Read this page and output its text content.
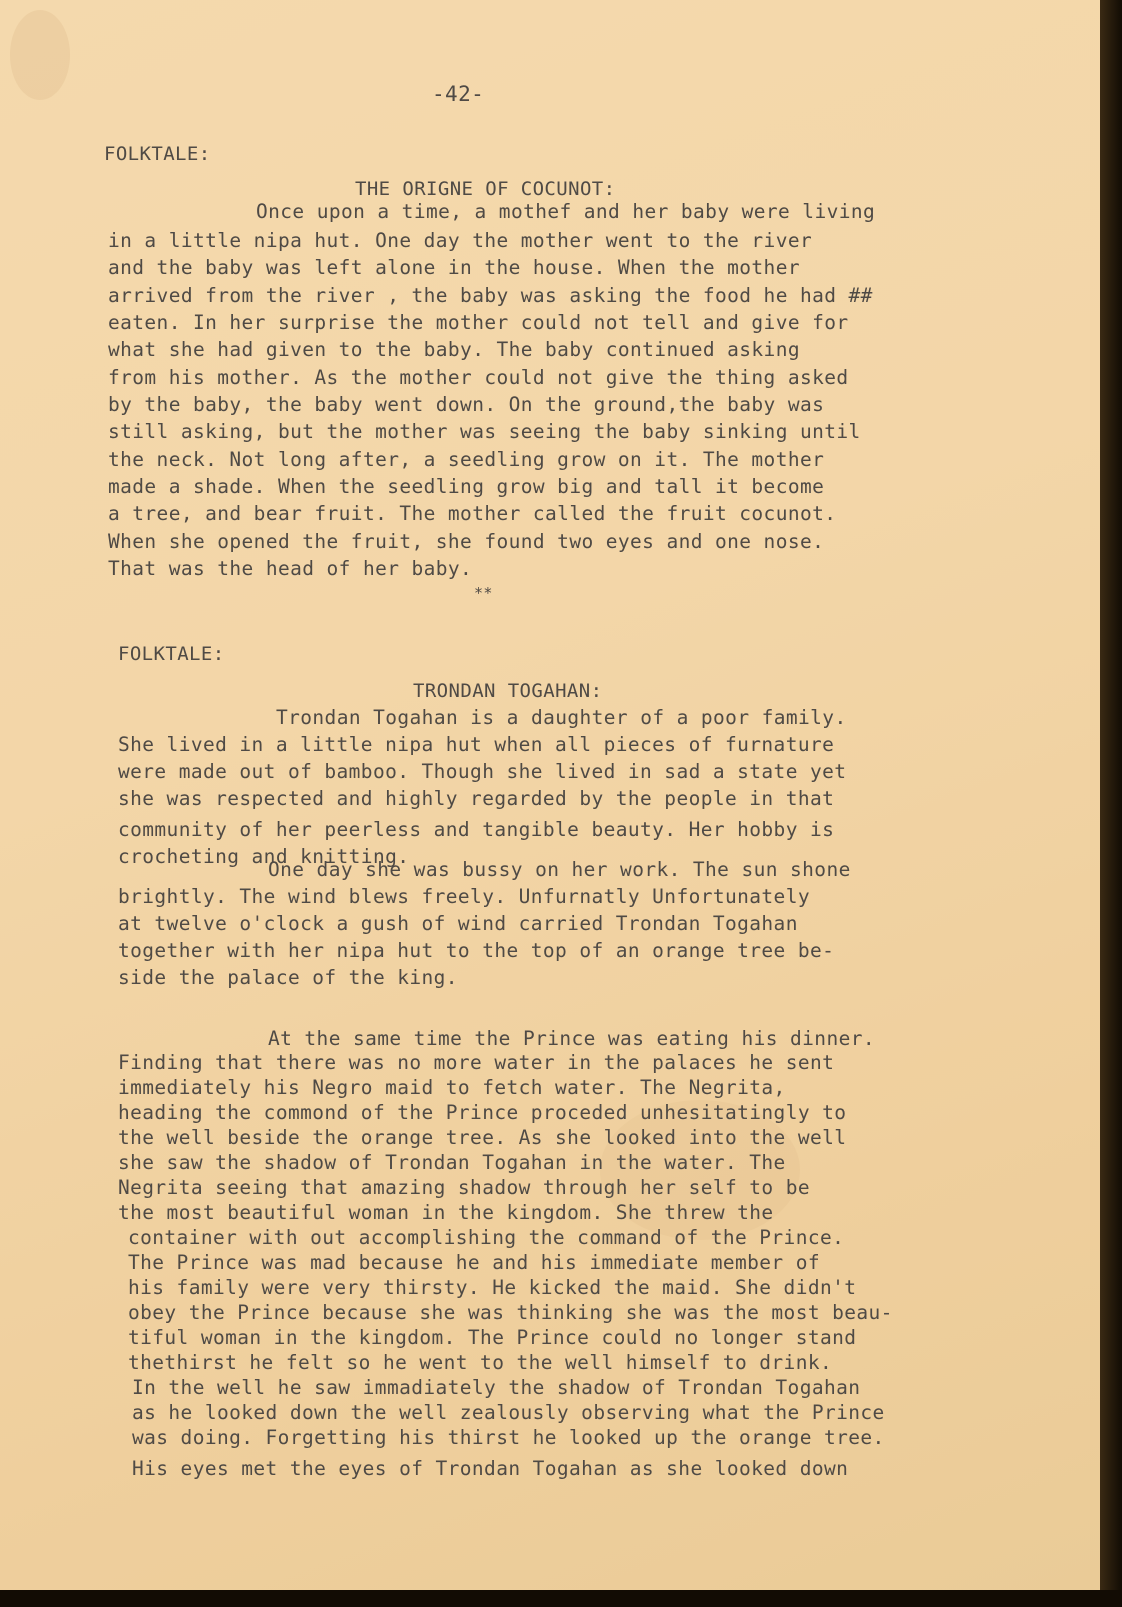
-42-

FOLKTALE:

THE ORIGNE OF COCUNOT:

Once upon a time, a mothef and her baby were living
in a little nipa hut. One day the mother went to the river
and the baby was left alone in the house. When the mother
arrived from the river , the baby was asking the food he had ##
eaten. In her surprise the mother could not tell and give for
what she had given to the baby. The baby continued asking
from his mother. As the mother could not give the thing asked
by the baby, the baby went down. On the ground,the baby was
still asking, but the mother was seeing the baby sinking until
the neck. Not long after, a seedling grow on it. The mother
made a shade. When the seedling grow big and tall it become
a tree, and bear fruit. The mother called the fruit cocunot.
When she opened the fruit, she found two eyes and one nose.
That was the head of her baby.

**

FOLKTALE:

TRONDAN TOGAHAN:

Trondan Togahan is a daughter of a poor family.
She lived in a little nipa hut when all pieces of furnature
were made out of bamboo. Though she lived in sad a state yet
she was respected and highly regarded by the people in that
community of her peerless and tangible beauty. Her hobby is
crocheting and knitting.
One day she was bussy on her work. The sun shone
brightly. The wind blews freely. Unfurnatly Unfortunately
at twelve o'clock a gush of wind carried Trondan Togahan
together with her nipa hut to the top of an orange tree be-
side the palace of the king.
At the same time the Prince was eating his dinner.
Finding that there was no more water in the palaces he sent
immediately his Negro maid to fetch water. The Negrita,
heading the commond of the Prince proceded unhesitatingly to
the well beside the orange tree. As she looked into the well
she saw the shadow of Trondan Togahan in the water. The
Negrita seeing that amazing shadow through her self to be
the most beautiful woman in the kingdom. She threw the
container with out accomplishing the command of the Prince.
The Prince was mad because he and his immediate member of
his family were very thirsty. He kicked the maid. She didn't
obey the Prince because she was thinking she was the most beau-
tiful woman in the kingdom. The Prince could no longer stand
thethirst he felt so he went to the well himself to drink.
In the well he saw immadiately the shadow of Trondan Togahan
as he looked down the well zealously observing what the Prince
was doing. Forgetting his thirst he looked up the orange tree.
His eyes met the eyes of Trondan Togahan as she looked down
